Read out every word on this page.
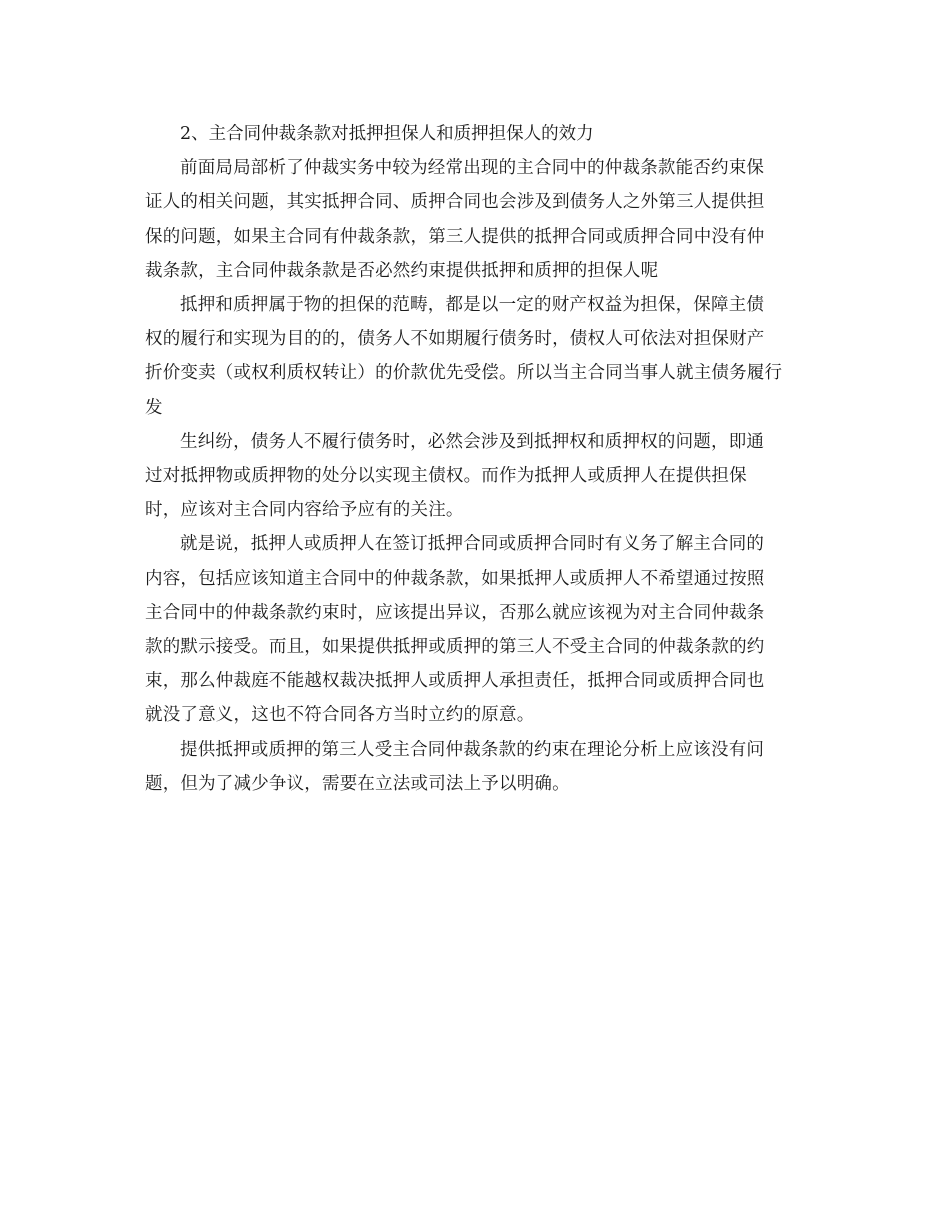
2、主合同仲裁条款对抵押担保人和质押担保人的效力

前面局局部析了仲裁实务中较为经常出现的主合同中的仲裁条款能否约束保
证人的相关问题，其实抵押合同、质押合同也会涉及到债务人之外第三人提供担
保的问题，如果主合同有仲裁条款，第三人提供的抵押合同或质押合同中没有仲
裁条款，主合同仲裁条款是否必然约束提供抵押和质押的担保人呢

抵押和质押属于物的担保的范畴，都是以一定的财产权益为担保，保障主债
权的履行和实现为目的的，债务人不如期履行债务时，债权人可依法对担保财产
折价变卖（或权利质权转让）的价款优先受偿。所以当主合同当事人就主债务履行
发

生纠纷，债务人不履行债务时，必然会涉及到抵押权和质押权的问题，即通
过对抵押物或质押物的处分以实现主债权。而作为抵押人或质押人在提供担保
时，应该对主合同内容给予应有的关注。

就是说，抵押人或质押人在签订抵押合同或质押合同时有义务了解主合同的
内容，包括应该知道主合同中的仲裁条款，如果抵押人或质押人不希望通过按照
主合同中的仲裁条款约束时，应该提出异议，否那么就应该视为对主合同仲裁条
款的默示接受。而且，如果提供抵押或质押的第三人不受主合同的仲裁条款的约
束，那么仲裁庭不能越权裁决抵押人或质押人承担责任，抵押合同或质押合同也
就没了意义，这也不符合同各方当时立约的原意。

提供抵押或质押的第三人受主合同仲裁条款的约束在理论分析上应该没有问
题，但为了减少争议，需要在立法或司法上予以明确。
